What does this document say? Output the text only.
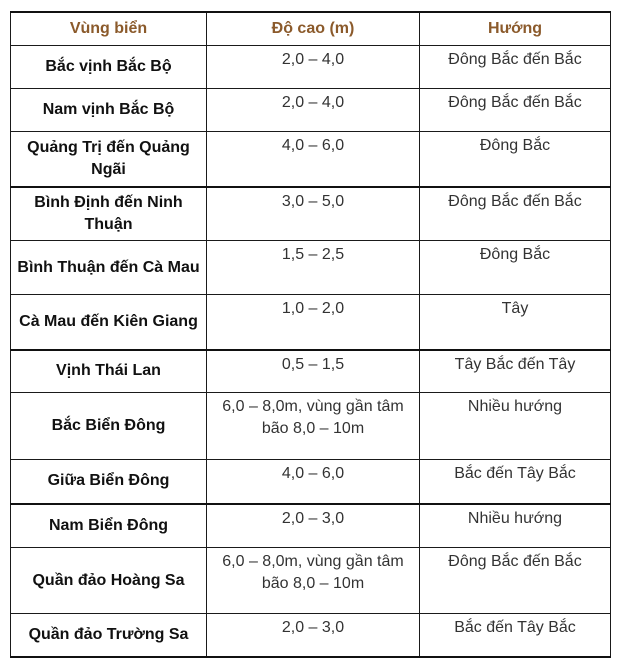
Vùng biển	Độ cao (m)	Hướng
Bắc vịnh Bắc Bộ	2,0 – 4,0	Đông Bắc đến Bắc
Nam vịnh Bắc Bộ	2,0 – 4,0	Đông Bắc đến Bắc
Quảng Trị đến Quảng Ngãi	4,0 – 6,0	Đông Bắc
Bình Định đến Ninh Thuận	3,0 – 5,0	Đông Bắc đến Bắc
Bình Thuận đến Cà Mau	1,5 – 2,5	Đông Bắc
Cà Mau đến Kiên Giang	1,0 – 2,0	Tây
Vịnh Thái Lan	0,5 – 1,5	Tây Bắc đến Tây
Bắc Biển Đông	6,0 – 8,0m, vùng gần tâm bão 8,0 – 10m	Nhiều hướng
Giữa Biển Đông	4,0 – 6,0	Bắc đến Tây Bắc
Nam Biển Đông	2,0 – 3,0	Nhiều hướng
Quần đảo Hoàng Sa	6,0 – 8,0m, vùng gần tâm bão 8,0 – 10m	Đông Bắc đến Bắc
Quần đảo Trường Sa	2,0 – 3,0	Bắc đến Tây Bắc
